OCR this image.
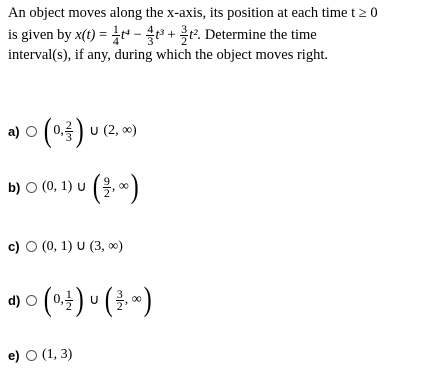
An object moves along the x-axis, its position at each time t ≥ 0
is given by $x(t) = \frac{1}{4} t^4 - \frac{4}{3} t^3 + \frac{3}{2} t^2$. Determine the time
interval(s), if any, during which the object moves right.
a) ( 0, $\frac{2}{3}$ ) ∪ (2, ∞)
b)	(0, 1) ∪ ( $\frac{9}{2}$ , ∞ )
c)	(0, 1) ∪ (3, ∞)
d) ( 0, $\frac{1}{2}$ ) ∪ ( $\frac{3}{2}$ , ∞ )
e)	(1, 3)
